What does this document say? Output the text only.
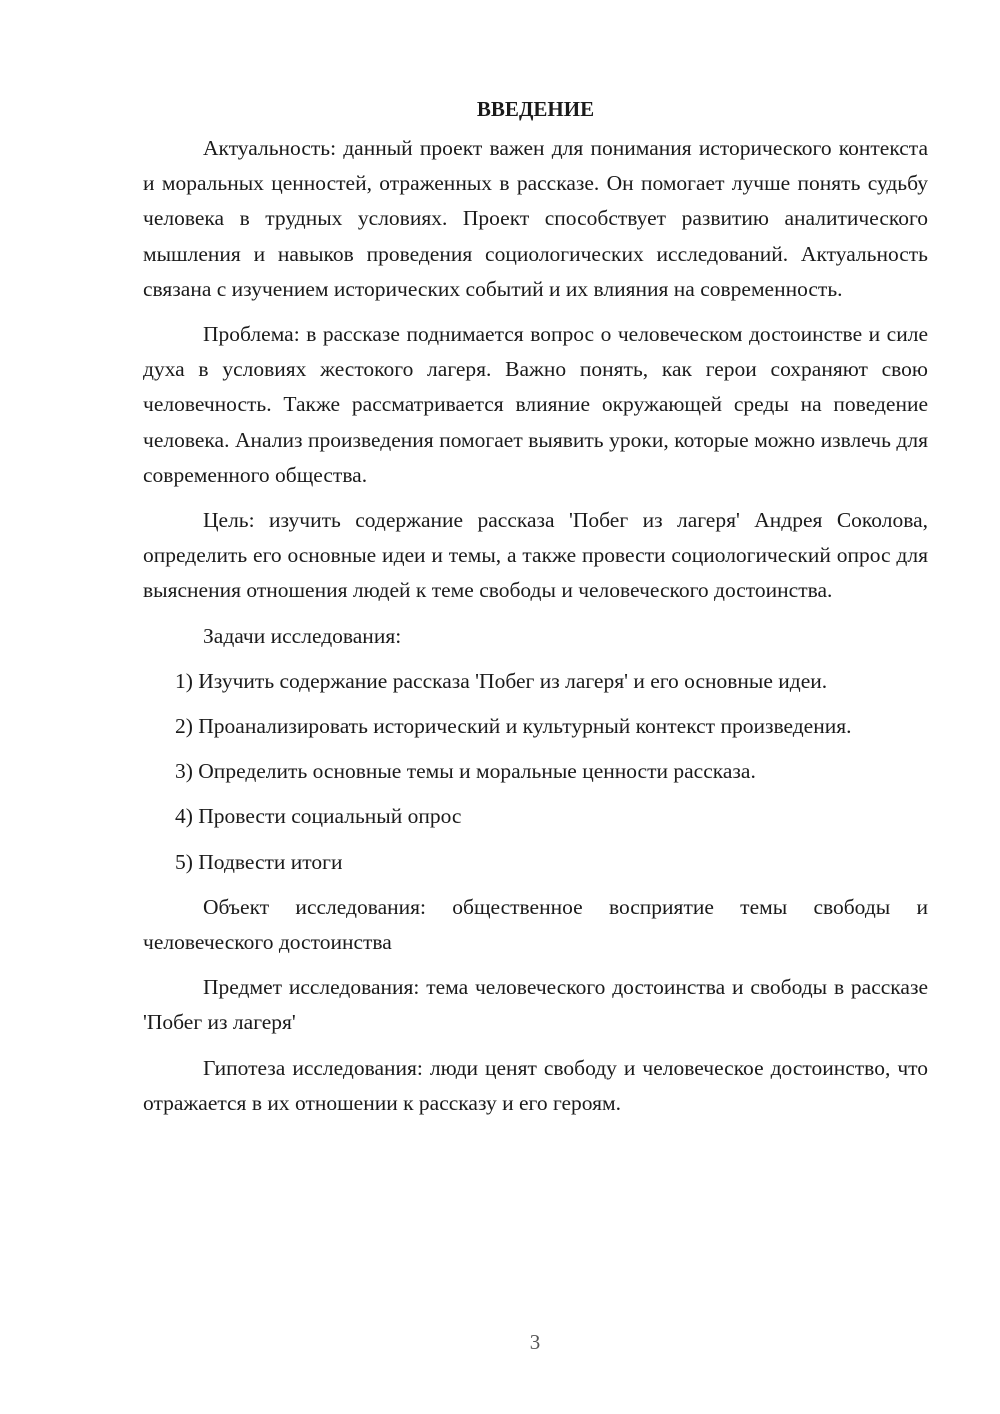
ВВЕДЕНИЕ

Актуальность: данный проект важен для понимания исторического контекста и моральных ценностей, отраженных в рассказе. Он помогает лучше понять судьбу человека в трудных условиях. Проект способствует развитию аналитического мышления и навыков проведения социологических исследований. Актуальность связана с изучением исторических событий и их влияния на современность.

Проблема: в рассказе поднимается вопрос о человеческом достоинстве и силе духа в условиях жестокого лагеря. Важно понять, как герои сохраняют свою человечность. Также рассматривается влияние окружающей среды на поведение человека. Анализ произведения помогает выявить уроки, которые можно извлечь для современного общества.

Цель: изучить содержание рассказа 'Побег из лагеря' Андрея Соколова, определить его основные идеи и темы, а также провести социологический опрос для выяснения отношения людей к теме свободы и человеческого достоинства.

Задачи исследования:

1) Изучить содержание рассказа 'Побег из лагеря' и его основные идеи.

2) Проанализировать исторический и культурный контекст произведения.

3) Определить основные темы и моральные ценности рассказа.

4) Провести социальный опрос

5) Подвести итоги

Объект исследования: общественное восприятие темы свободы и человеческого достоинства

Предмет исследования: тема человеческого достоинства и свободы в рассказе 'Побег из лагеря'

Гипотеза исследования: люди ценят свободу и человеческое достоинство, что отражается в их отношении к рассказу и его героям.

3
